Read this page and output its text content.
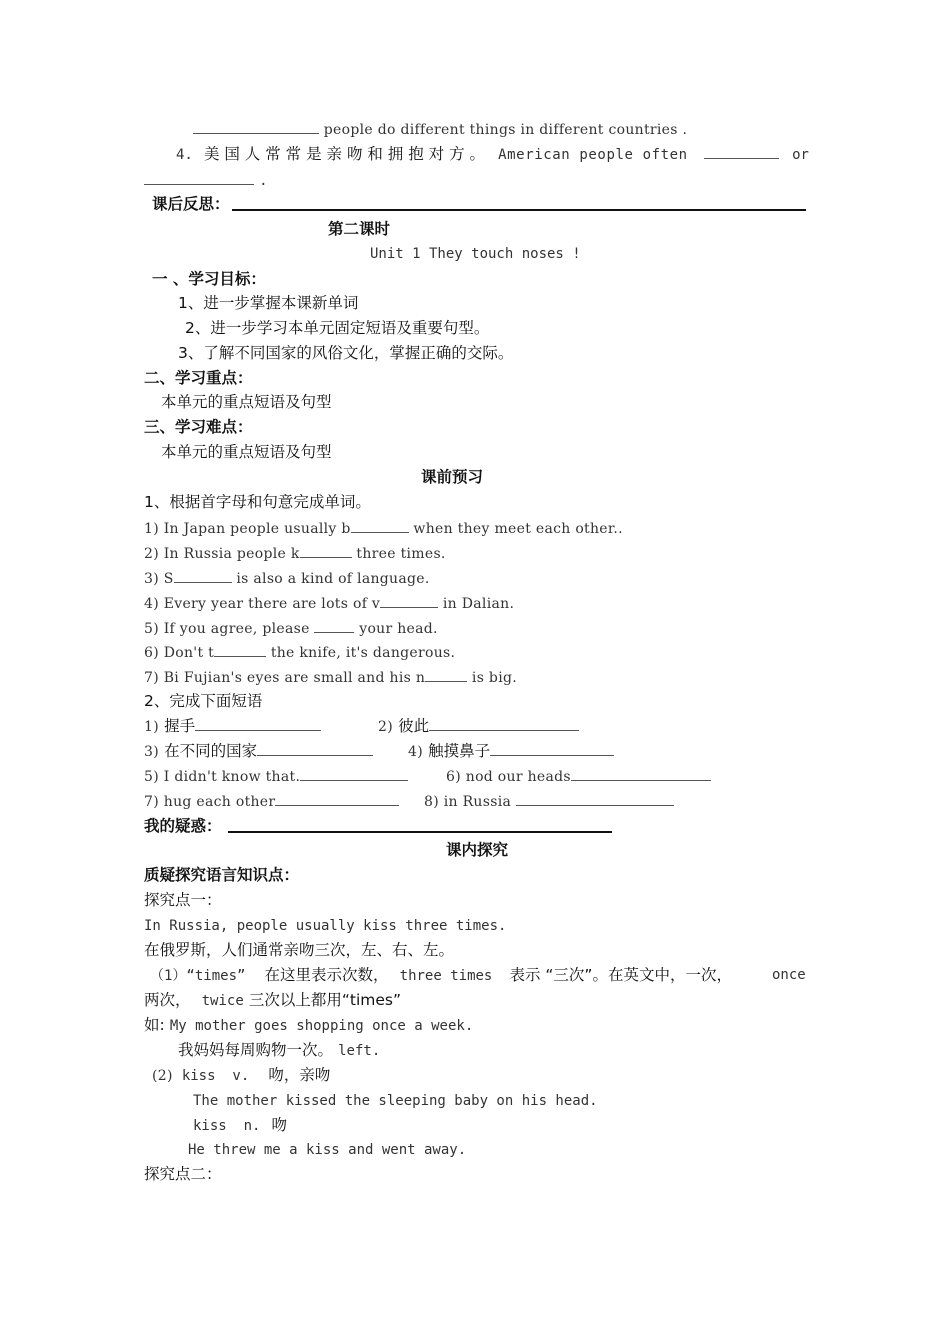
people do different things in different countries .
4. 美 国 人 常 常 是 亲 吻 和 拥 抱 对 方 。 American people often	or
.
课后反思：
第二课时
Unit 1 They touch noses !
一 、学习目标：
1、进一步掌握本课新单词
2、进一步学习本单元固定短语及重要句型。
3、了解不同国家的风俗文化，掌握正确的交际。
二、学习重点：
本单元的重点短语及句型
三、学习难点：
本单元的重点短语及句型
课前预习
1、根据首字母和句意完成单词。
1) In Japan people usually b	when they meet each other..
2) In Russia people k	three times.
3) S	is also a kind of language.
4) Every year there are lots of v	in Dalian.
5) If you agree, please	your head.
6) Don't t	the knife, it's dangerous.
7) Bi Fujian's eyes are small and his n	is big.
2、完成下面短语
1) 握手	2) 彼此
3) 在不同的国家	4) 触摸鼻子
5) I didn't know that.	6) nod our heads
7) hug each other	8) in Russia
我的疑惑：
课内探究
质疑探究语言知识点：
探究点一：
In Russia, people usually kiss three times.
在俄罗斯，人们通常亲吻三次，左、右、左。
（1）“times” 在这里表示次数， three times 表示 “三次”。在英文中，一次，	once
两次， twice 三次以上都用“times”
如: My mother goes shopping once a week.
我妈妈每周购物一次。 left.
(2) kiss  v. 吻，亲吻
The mother kissed the sleeping baby on his head.
kiss  n. 吻
He threw me a kiss and went away.
探究点二：
